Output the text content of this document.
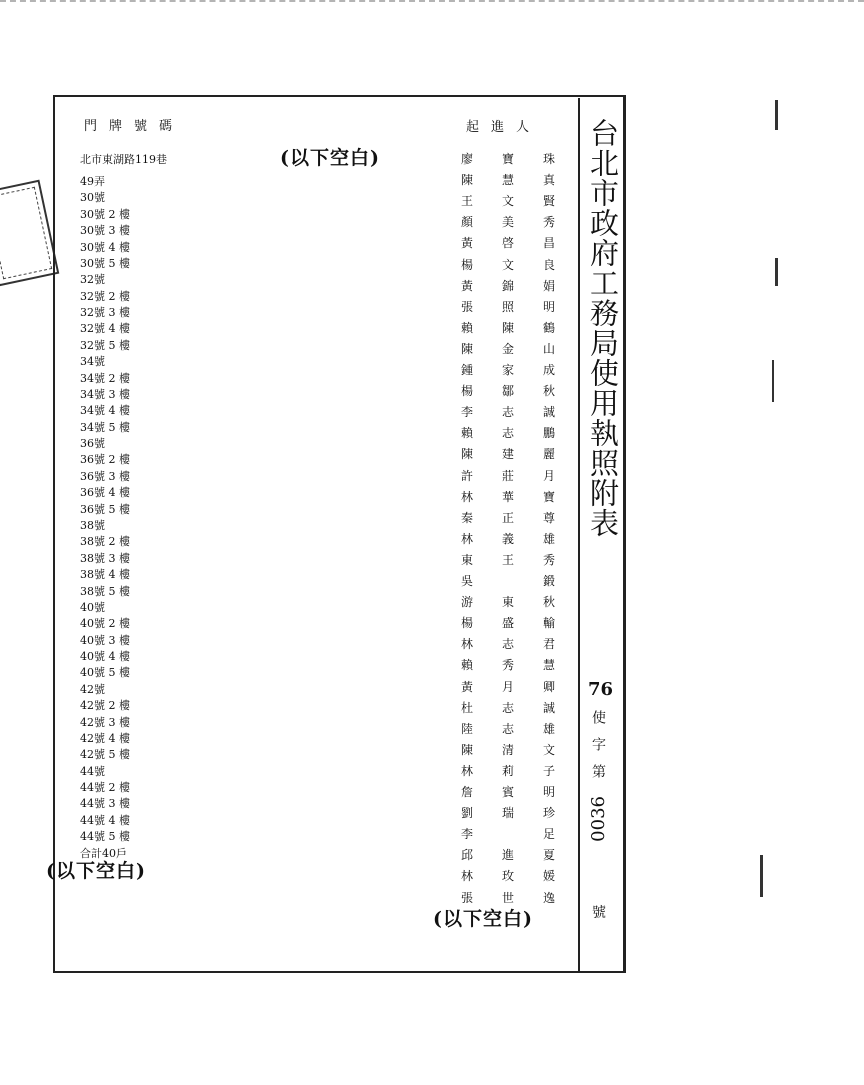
門牌號碼	起進人
北市東湖路119巷
49弄
30號
30號 2 樓
30號 3 樓
30號 4 樓
30號 5 樓
32號
32號 2 樓
32號 3 樓
32號 4 樓
32號 5 樓
34號
34號 2 樓
34號 3 樓
34號 4 樓
34號 5 樓
36號
36號 2 樓
36號 3 樓
36號 4 樓
36號 5 樓
38號
38號 2 樓
38號 3 樓
38號 4 樓
38號 5 樓
40號
40號 2 樓
40號 3 樓
40號 4 樓
40號 5 樓
42號
42號 2 樓
42號 3 樓
42號 4 樓
42號 5 樓
44號
44號 2 樓
44號 3 樓
44號 4 樓
44號 5 樓
合計40戶
廖 寶 珠
陳 慧 真
王 文 賢
顏 美 秀
黃 啓 昌
楊 文 良
黃 錦 娟
張 照 明
賴 陳 鶴
陳 金 山
鍾 家 成
楊 鄒 秋
李 志 誠
賴 志 鵬
陳 建 麗
許 莊 月
林 華 寶
秦 正 尊
林 義 雄
東 王 秀
吳	鍛
游 東 秋
楊 盛 輸
林 志 君
賴 秀 慧
黃 月 卿
杜 志 誠
陸 志 雄
陳 清 文
林 莉 子
詹 賓 明
劉 瑞 珍
李	足
邱 進 夏
林 玫 媛
張 世 逸
(以下空白)
(以下空白)
(以下空白)
台北市政府工務局使用執照附表
76
使字第
0036
號
